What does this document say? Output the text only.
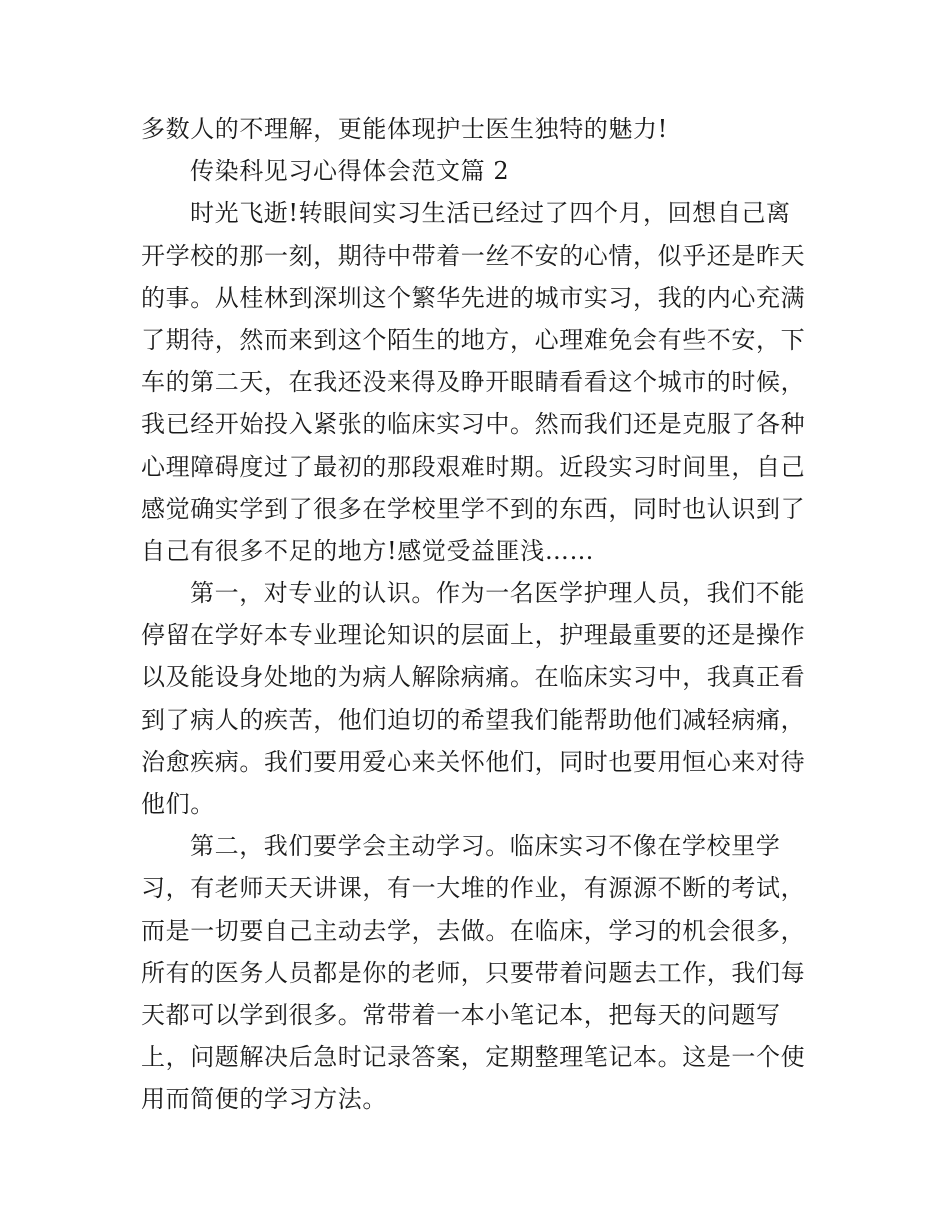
多数人的不理解，更能体现护士医生独特的魅力!
传染科见习心得体会范文篇 2
时光飞逝!转眼间实习生活已经过了四个月，回想自己离
开学校的那一刻，期待中带着一丝不安的心情，似乎还是昨天
的事。从桂林到深圳这个繁华先进的城市实习，我的内心充满
了期待，然而来到这个陌生的地方，心理难免会有些不安，下
车的第二天，在我还没来得及睁开眼睛看看这个城市的时候，
我已经开始投入紧张的临床实习中。然而我们还是克服了各种
心理障碍度过了最初的那段艰难时期。近段实习时间里，自己
感觉确实学到了很多在学校里学不到的东西，同时也认识到了
自己有很多不足的地方!感觉受益匪浅……
第一，对专业的认识。作为一名医学护理人员，我们不能
停留在学好本专业理论知识的层面上，护理最重要的还是操作
以及能设身处地的为病人解除病痛。在临床实习中，我真正看
到了病人的疾苦，他们迫切的希望我们能帮助他们减轻病痛，
治愈疾病。我们要用爱心来关怀他们，同时也要用恒心来对待
他们。
第二，我们要学会主动学习。临床实习不像在学校里学
习，有老师天天讲课，有一大堆的作业，有源源不断的考试，
而是一切要自己主动去学，去做。在临床，学习的机会很多，
所有的医务人员都是你的老师，只要带着问题去工作，我们每
天都可以学到很多。常带着一本小笔记本，把每天的问题写
上，问题解决后急时记录答案，定期整理笔记本。这是一个使
用而简便的学习方法。
